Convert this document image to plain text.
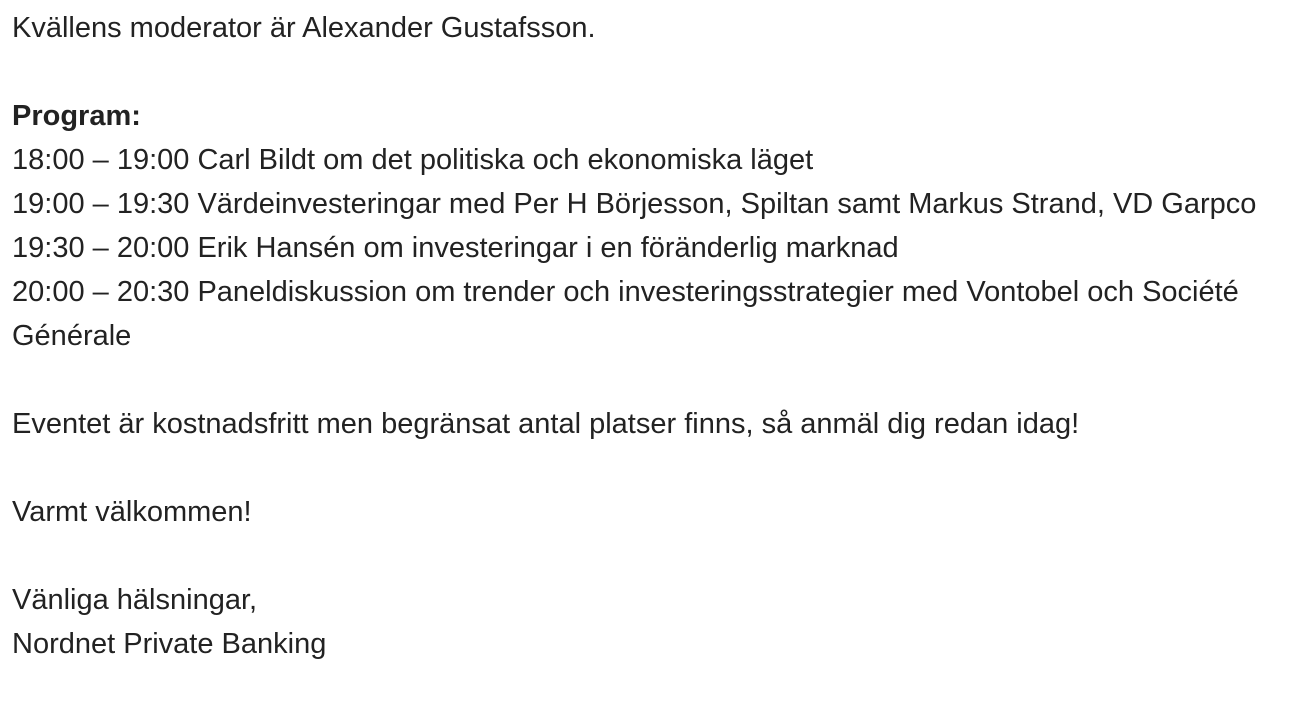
Kvällens moderator är Alexander Gustafsson.

Program:

18:00 – 19:00 Carl Bildt om det politiska och ekonomiska läget

19:00 – 19:30 Värdeinvesteringar med Per H Börjesson, Spiltan samt Markus Strand, VD Garpco

19:30 – 20:00 Erik Hansén om investeringar i en föränderlig marknad

20:00 – 20:30 Paneldiskussion om trender och investeringsstrategier med Vontobel och Société Générale

Eventet är kostnadsfritt men begränsat antal platser finns, så anmäl dig redan idag!

Varmt välkommen!

Vänliga hälsningar,

Nordnet Private Banking
